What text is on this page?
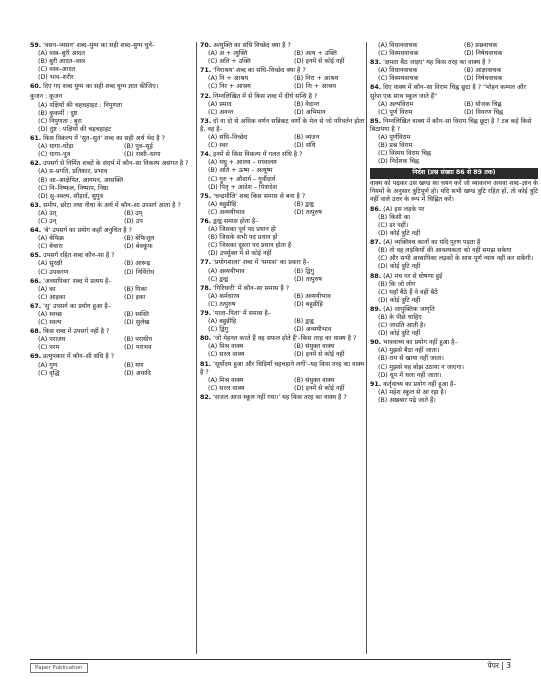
59. 'वसन–व्यसन' शब्द–युग्म का सही शब्द–युग्म चुनें–
(A) वस्त्र–बुरी आदत
(B) बुरी आदत–वस्त्र
(C) वस्त्र–आदत
(D) भाव–शरीर
60. दिए गए शब्द युग्म का सही शब्द युग्म ज्ञात कीजिए।
कुजन : कूजन
(A) पक्षियों की चहचहाहट : निपुणता
(B) कुकर्मी : दुष्ट
(C) निपुणता : बुरा
(D) दुष्ट : पक्षियों की चहचहाहट
61. किस विकल्प में 'सुत–सुत' शब्द का सही अर्थ भेद है ?
(A) धागा–घोड़ा	(B) पुत्र–सूई
(C) धागा–पुत्र	(D) रस्सी–धागा
62. उपसर्ग से निर्मित शब्दों के संदर्भ में कौन–सा विकल्प असंगत है ?
(A) प्र–प्रगति, प्रतिकार, प्रभाव
(B) आ–आक्षेपित, आगमन, आसक्ति
(C) नि–निष्फल, निष्पाप, निष्ठा
(D) सु–स्वल्प, सौहार्द, सुपुत्र
63. समीप, छोटा तथा नीचा के अर्थ में कौन–सा उपसर्ग आता है ?
(A) उत्	(B) उप्
(C) उन्	(D) उप
64. 'बे' उपसर्ग का प्रयोग कहाँ अनुचित है ?
(A) बेफिक्र	(B) बेफिजूल
(C) बेचारा	(D) बेवकूफ
65. उपसर्ग रहित शब्द कौन–सा है ?
(A) सुरक्षी	(B) आरूढ़
(C) उपकरण	(D) निर्विरोध
66. 'अध्यापिका' शब्द में प्रत्यय है–
(A) का	(B) पिका
(C) आइका	(D) इका
67. 'सु' उपसर्ग का प्रयोग हुआ है–
(A) स्वच्छ	(B) स्वस्ति
(C) स्वल्प	(D) सुलेख
68. किस शब्द में उपसर्ग नहीं है ?
(A) पराजय	(B) पराधीन
(C) परम	(D) पराभव
69. प्रत्युपकार में कौन–सी संधि है ?
(A) गुण	(B) यण
(C) वृद्धि	(D) अयादि
70. अत्युक्ति का संधि विच्छेद क्या है ?
(A) अ + त्युक्ति	(B) अत्य + उक्ति
(C) अति + उक्ति	(D) इनमें से कोई नहीं
71. 'निराश्रय' शब्द का संधि–विच्छेद क्या है ?
(A) नि + आश्रय	(B) निरा + आश्रय
(C) निर + आश्रय	(D) निः + आश्रय
72. निम्नलिखित में से किस शब्द में दीर्घ सन्धि है ?
(A) प्रमाद	(B) वेदान्त
(C) अनन्त	(D) अभिमान
73. दो वा दो से अधिक वर्णन सन्निकट वर्णों के मेल से जो परिवर्तन होता है, वह है–
(A) संधि–विच्छेद	(B) व्यंजन
(C) स्वर	(D) संधि
74. इनमें से किस विकल्प में गलत संधि है ?
(A) मधु + आलय – मध्वालय
(B) अति + ऊष्म – अत्यूष्म
(C) गुरु + औदार्य – गुर्वौदार्य
(D) पितृ + आदेश – पित्रादेश
75. 'चन्द्रमौलि' शब्द किस समास से बना है ?
(A) बहुव्रीहि	(B) द्वन्द्व
(C) अव्ययीभाव	(D) तत्पुरुष
76. द्वन्द्व समास होता है–
(A) जिसका पूर्व पद प्रधान हो
(B) जिसके सभी पद प्रधान हों
(C) जिसका दूसरा पद प्रधान होता है
(D) उपर्युक्त में से कोई नहीं
77. 'प्रयोगशाला' शब्द में 'समास' का प्रकार है–
(A) अव्ययीभाव	(B) द्विगु
(C) द्वन्द्व	(D) तत्पुरुष
78. 'गिरिधारी' में कौन–सा समास है ?
(A) कर्मधारय	(B) अव्ययीभाव
(C) तत्पुरुष	(D) बहुव्रीहि
79. 'माता–पिता' में समास है–
(A) बहुव्रीहि	(B) द्वन्द्व
(C) द्विगु	(D) अव्ययीभाव
80. 'जो मेहनत करते हैं वह सफल होते हैं'–किस तरह का वाक्य है ?
(A) मिश्र वाक्य	(B) संयुक्त वाक्य
(C) सरल वाक्य	(D) इनमें से कोई नहीं
81. 'सूर्योदय हुआ और चिड़ियाँ चहचहाने लगीं'–यह किस तरह का वाक्य है ?
(A) मिश्र वाक्य	(B) संयुक्त वाक्य
(C) सरल वाक्य	(D) इनमें से कोई नहीं
82. 'सजल आज स्कूल नहीं गया।' यह किस तरह का वाक्य है ?
(A) विधानवाचक	(B) प्रश्नवाचक
(C) विस्मयवाचक	(D) निषेधवाचक
83. 'क्षमता बैठ जाइए' यह किस तरह का वाक्य है ?
(A) विधानवाचक	(B) आज्ञावाचक
(C) विस्मयवाचक	(D) निषेधवाचक
84. दिए वाक्य में कौन–सा विराम चिह्न छूटा है ? "मोहन कम्पल और सुरेश एक साथ स्कूल जाते हैं"
(A) अल्पविराम	(B) योजक चिह्न
(C) पूर्ण विराम	(D) विवरण चिह्न
85. निम्नलिखित वाक्य में कौन–सा विराम चिह्न छूटा है ? टब कहे किसे बिठायगा है ?
(A) पूर्णविराम
(B) प्रश्न विराम
(C) विस्मय विराम चिह्न
(D) निर्देशक चिह्न
निर्देश (प्रश्न संख्या 86 से 89 तक)
वाक्य को पढ़कर उस खण्ड का चयन करें जो व्याकरण अथवा शब्द–ज्ञान के नियमों के अनुसार त्रुटिपूर्ण हो। यदि सभी खण्ड त्रुटि रहित हों, तो कोई त्रुटि नहीं वाले उत्तर के रूप में चिह्नित करें।
86. (A) इस लड़के पर
(B) किसी का
(C) डर नहीं।
(D) कोई त्रुटि नहीं
87. (A) व्यक्तिश्च कानों का यदि पूरण पड़ता है
(B) तो वह लड़कियों की आवश्यकता को नहीं समझ सकेगा
(C) और सभी अध्यापिका लड़कों के साथ पूर्ण न्याय नहीं कर सकेंगी।
(D) कोई त्रुटि नहीं
88. (A) मंच पर से घोषणा हुई
(B) कि जो लोग
(C) यहाँ बैठे हैं वे वहीं बैठें
(D) कोई त्रुटि नहीं
89. (A) जापुक्तिक जागृति
(B) के पीछे चाहिए
(C) जाग्रति आती है।
(D) कोई त्रुटि नहीं
90. भाववाच्य का प्रयोग नहीं हुआ है–
(A) मुझसे बैठा नहीं जाता।
(B) राम से खाया नहीं जाता।
(C) मुझसे यह बोझ उठाया न जाएगा।
(D) धूप में चला नहीं जाता।
91. कर्तृवाच्य का प्रयोग नहीं हुआ है–
(A) महेश स्कूल से आ रहा है।
(B) अखबार पढ़े जाते हैं।
Paper Publication	पेपर | 3
